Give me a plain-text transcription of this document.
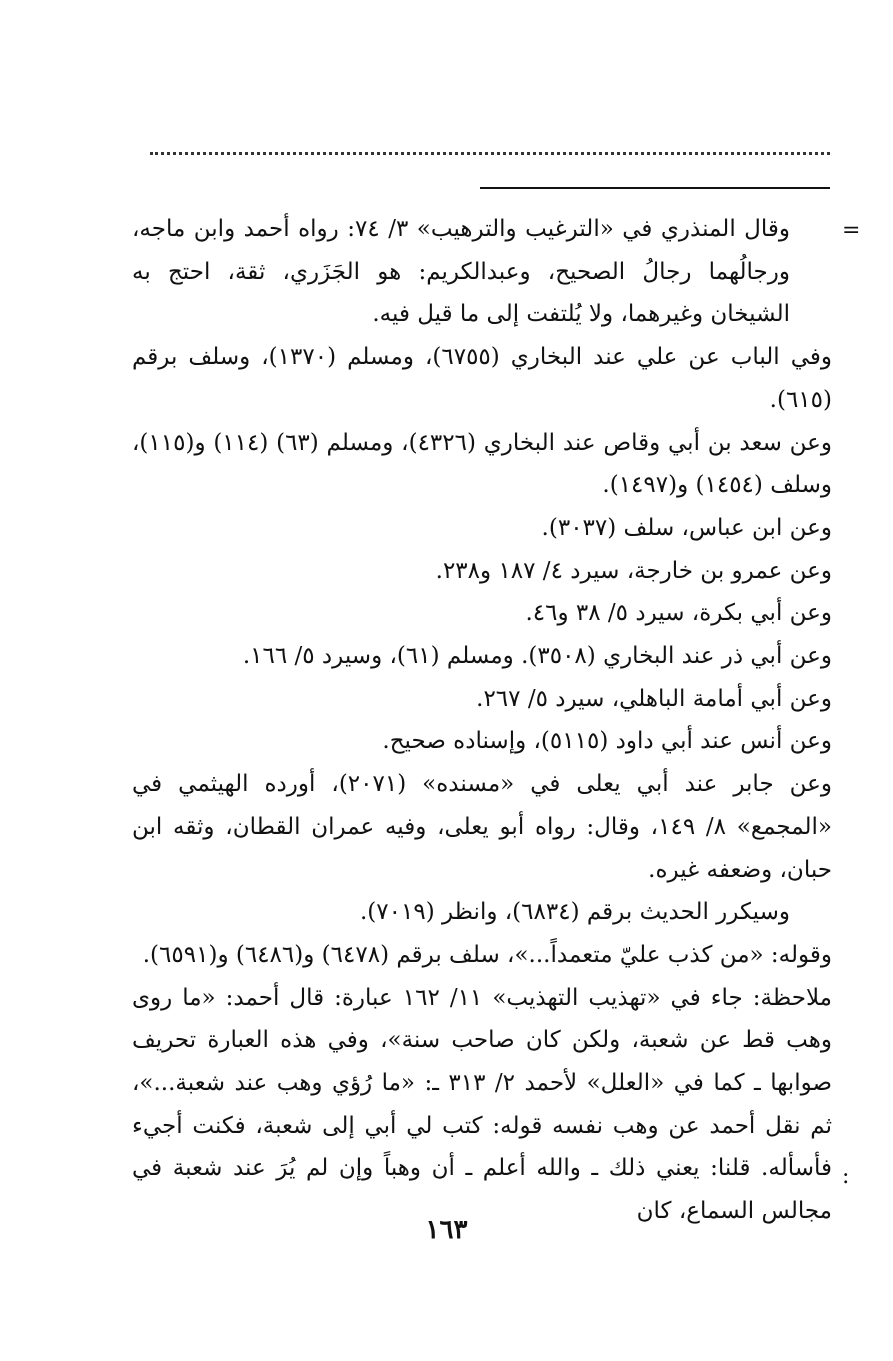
=
:

وقال المنذري في «الترغيب والترهيب» ٣/ ٧٤: رواه أحمد وابن ماجه، ورجالُهما رجالُ الصحيح، وعبدالكريم: هو الجَزَري، ثقة، احتج به الشيخان وغيرهما، ولا يُلتفت إلى ما قيل فيه.

وفي الباب عن علي عند البخاري (٦٧٥٥)، ومسلم (١٣٧٠)، وسلف برقم (٦١٥).

وعن سعد بن أبي وقاص عند البخاري (٤٣٢٦)، ومسلم (٦٣) (١١٤) و(١١٥)، وسلف (١٤٥٤) و(١٤٩٧).

وعن ابن عباس، سلف (٣٠٣٧).

وعن عمرو بن خارجة، سيرد ٤/ ١٨٧ و٢٣٨.

وعن أبي بكرة، سيرد ٥/ ٣٨ و٤٦.

وعن أبي ذر عند البخاري (٣٥٠٨). ومسلم (٦١)، وسيرد ٥/ ١٦٦.

وعن أبي أمامة الباهلي، سيرد ٥/ ٢٦٧.

وعن أنس عند أبي داود (٥١١٥)، وإسناده صحيح.

وعن جابر عند أبي يعلى في «مسنده» (٢٠٧١)، أورده الهيثمي في «المجمع» ٨/ ١٤٩، وقال: رواه أبو يعلى، وفيه عمران القطان، وثقه ابن حبان، وضعفه غيره.

وسيكرر الحديث برقم (٦٨٣٤)، وانظر (٧٠١٩).

وقوله: «من كذب عليّ متعمداً...»، سلف برقم (٦٤٧٨) و(٦٤٨٦) و(٦٥٩١).

ملاحظة: جاء في «تهذيب التهذيب» ١١/ ١٦٢ عبارة: قال أحمد: «ما روى وهب قط عن شعبة، ولكن كان صاحب سنة»، وفي هذه العبارة تحريف صوابها ـ كما في «العلل» لأحمد ٢/ ٣١٣ ـ: «ما رُؤي وهب عند شعبة...»، ثم نقل أحمد عن وهب نفسه قوله: كتب لي أبي إلى شعبة، فكنت أجيء فأسأله. قلنا: يعني ذلك ـ والله أعلم ـ أن وهباً وإن لم يُرَ عند شعبة في مجالس السماع، كان

١٦٣
